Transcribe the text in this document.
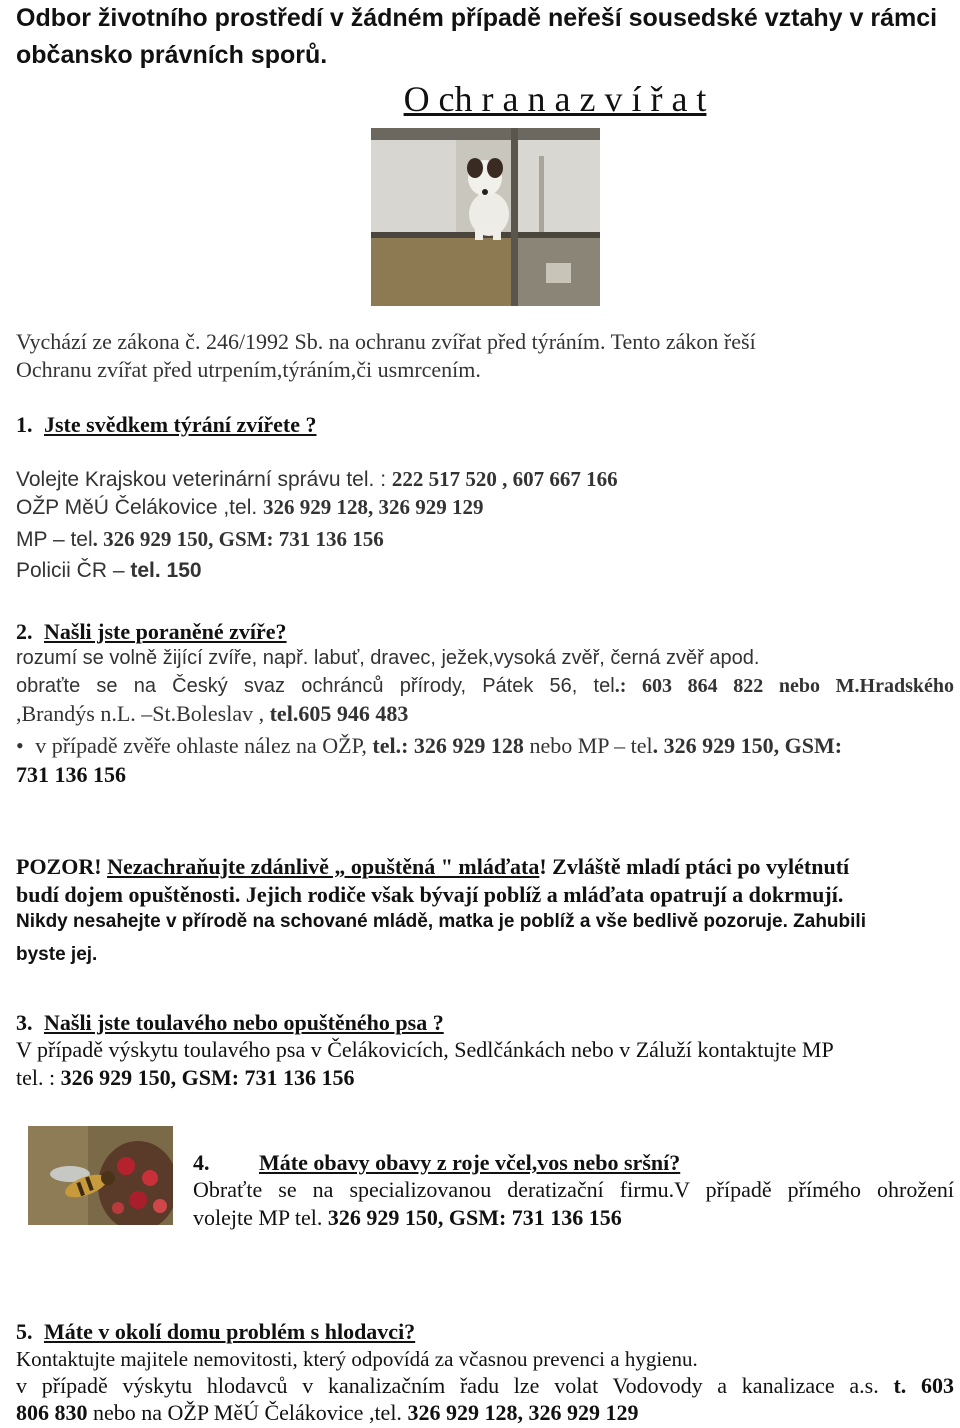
Odbor životního prostředí v žádném případě neřeší sousedské vztahy v rámci občansko právních sporů.
O ch r a n a z v í ř a t
Vychází ze zákona č. 246/1992 Sb. na ochranu zvířat před týráním. Tento zákon řeší
Ochranu zvířat před utrpením,týráním,či usmrcením.
1. Jste svědkem týrání zvířete ?
Volejte Krajskou veterinární správu tel. : 222 517 520 , 607 667 166
OŽP MěÚ Čelákovice ,tel. 326 929 128, 326 929 129
MP – tel. 326 929 150, GSM: 731 136 156
Policii ČR – tel. 150
2. Našli jste poraněné zvíře?
rozumí se volně žijící zvíře, např. labuť, dravec, ježek,vysoká zvěř, černá zvěř apod.
obraťte se na Český svaz ochránců přírody, Pátek 56, tel.: 603 864 822 nebo M.Hradského
,Brandýs n.L. –St.Boleslav , tel.605 946 483
• v případě zvěře ohlaste nález na OŽP, tel.: 326 929 128 nebo MP – tel. 326 929 150, GSM:
731 136 156
POZOR! Nezachraňujte zdánlivě „ opuštěná " mláďata! Zvláště mladí ptáci po vylétnutí
budí dojem opuštěnosti. Jejich rodiče však bývají poblíž a mláďata opatrují a dokrmují.
Nikdy nesahejte v přírodě na schované mládě, matka je poblíž a vše bedlivě pozoruje. Zahubili
byste jej.
3. Našli jste toulavého nebo opuštěného psa ?
V případě výskytu toulavého psa v Čelákovicích, Sedlčánkách nebo v Záluží kontaktujte MP
tel. : 326 929 150, GSM: 731 136 156
4. Máte obavy obavy z roje včel,vos nebo sršní?
Obraťte se na specializovanou deratizační firmu.V případě přímého ohrožení
volejte MP tel. 326 929 150, GSM: 731 136 156
5. Máte v okolí domu problém s hlodavci?
Kontaktujte majitele nemovitosti, který odpovídá za včasnou prevenci a hygienu.
v případě výskytu hlodavců v kanalizačním řadu lze volat Vodovody a kanalizace a.s. t. 603
806 830 nebo na OŽP MěÚ Čelákovice ,tel. 326 929 128, 326 929 129
